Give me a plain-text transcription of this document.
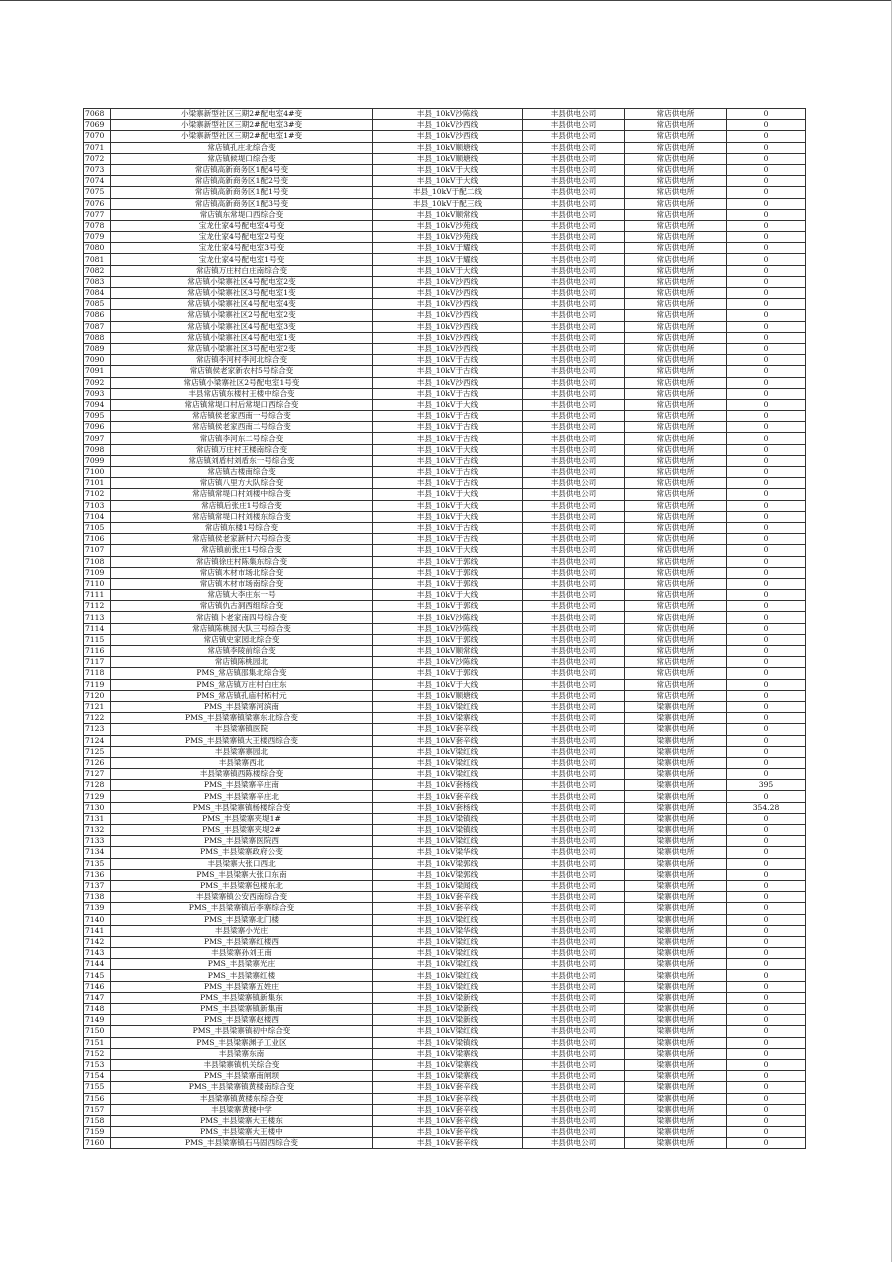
7068	小梁寨新型社区三期2#配电室4#变	丰县_10kV沙陈线	丰县供电公司	常店供电所	0
7069	小梁寨新型社区三期2#配电室3#变	丰县_10kV沙西线	丰县供电公司	常店供电所	0
7070	小梁寨新型社区三期2#配电室1#变	丰县_10kV沙西线	丰县供电公司	常店供电所	0
7071	常店镇孔庄北综合变	丰县_10kV顺塘线	丰县供电公司	常店供电所	0
7072	常店镇候堤口综合变	丰县_10kV顺塘线	丰县供电公司	常店供电所	0
7073	常店镇高新商务区1配4号变	丰县_10kV于大线	丰县供电公司	常店供电所	0
7074	常店镇高新商务区1配2号变	丰县_10kV于大线	丰县供电公司	常店供电所	0
7075	常店镇高新商务区1配1号变	丰县_10kV于配二线	丰县供电公司	常店供电所	0
7076	常店镇高新商务区1配3号变	丰县_10kV于配三线	丰县供电公司	常店供电所	0
7077	常店镇东常堤口西综合变	丰县_10kV顺常线	丰县供电公司	常店供电所	0
7078	宝龙仕家4号配电室4号变	丰县_10kV沙苑线	丰县供电公司	常店供电所	0
7079	宝龙仕家4号配电室2号变	丰县_10kV沙苑线	丰县供电公司	常店供电所	0
7080	宝龙仕家4号配电室3号变	丰县_10kV于耀线	丰县供电公司	常店供电所	0
7081	宝龙仕家4号配电室1号变	丰县_10kV于耀线	丰县供电公司	常店供电所	0
7082	常店镇万庄村白庄南综合变	丰县_10kV于大线	丰县供电公司	常店供电所	0
7083	常店镇小梁寨社区4号配电室2变	丰县_10kV沙西线	丰县供电公司	常店供电所	0
7084	常店镇小梁寨社区3号配电室1变	丰县_10kV沙西线	丰县供电公司	常店供电所	0
7085	常店镇小梁寨社区4号配电室4变	丰县_10kV沙西线	丰县供电公司	常店供电所	0
7086	常店镇小梁寨社区2号配电室2变	丰县_10kV沙西线	丰县供电公司	常店供电所	0
7087	常店镇小梁寨社区4号配电室3变	丰县_10kV沙西线	丰县供电公司	常店供电所	0
7088	常店镇小梁寨社区4号配电室1变	丰县_10kV沙西线	丰县供电公司	常店供电所	0
7089	常店镇小梁寨社区3号配电室2变	丰县_10kV沙西线	丰县供电公司	常店供电所	0
7090	常店镇李河村李河北综合变	丰县_10kV于古线	丰县供电公司	常店供电所	0
7091	常店镇侯老家新农村5号综合变	丰县_10kV于古线	丰县供电公司	常店供电所	0
7092	常店镇小梁寨社区2号配电室1号变	丰县_10kV沙西线	丰县供电公司	常店供电所	0
7093	丰县常店镇东楼村王楼中综合变	丰县_10kV于古线	丰县供电公司	常店供电所	0
7094	常店镇常堤口村后常堤口西综合变	丰县_10kV于大线	丰县供电公司	常店供电所	0
7095	常店镇侯老家西南一号综合变	丰县_10kV于古线	丰县供电公司	常店供电所	0
7096	常店镇侯老家西南二号综合变	丰县_10kV于古线	丰县供电公司	常店供电所	0
7097	常店镇李河东二号综合变	丰县_10kV于古线	丰县供电公司	常店供电所	0
7098	常店镇万庄村王楼南综合变	丰县_10kV于大线	丰县供电公司	常店供电所	0
7099	常店镇刘盾村刘盾东一号综合变	丰县_10kV于古线	丰县供电公司	常店供电所	0
7100	常店镇古楼南综合变	丰县_10kV于古线	丰县供电公司	常店供电所	0
7101	常店镇八里方大队综合变	丰县_10kV于古线	丰县供电公司	常店供电所	0
7102	常店镇常堤口村刘楼中综合变	丰县_10kV于大线	丰县供电公司	常店供电所	0
7103	常店镇后张庄1号综合变	丰县_10kV于大线	丰县供电公司	常店供电所	0
7104	常店镇常堤口村刘楼东综合变	丰县_10kV于大线	丰县供电公司	常店供电所	0
7105	常店镇东楼1号综合变	丰县_10kV于古线	丰县供电公司	常店供电所	0
7106	常店镇侯老家新村六号综合变	丰县_10kV于古线	丰县供电公司	常店供电所	0
7107	常店镇前张庄1号综合变	丰县_10kV于大线	丰县供电公司	常店供电所	0
7108	常店镇徐庄村陈集东综合变	丰县_10kV于郭线	丰县供电公司	常店供电所	0
7109	常店镇木材市场北综合变	丰县_10kV于郭线	丰县供电公司	常店供电所	0
7110	常店镇木材市场南综合变	丰县_10kV于郭线	丰县供电公司	常店供电所	0
7111	常店镇大李庄东一号	丰县_10kV于大线	丰县供电公司	常店供电所	0
7112	常店镇仇古洞西组综合变	丰县_10kV于郭线	丰县供电公司	常店供电所	0
7113	常店镇卜老家南四号综合变	丰县_10kV沙陈线	丰县供电公司	常店供电所	0
7114	常店镇陈桃园大队三号综合变	丰县_10kV沙陈线	丰县供电公司	常店供电所	0
7115	常店镇史家园北综合变	丰县_10kV于郭线	丰县供电公司	常店供电所	0
7116	常店镇李陵前综合变	丰县_10kV顺常线	丰县供电公司	常店供电所	0
7117	常店镇陈桃园北	丰县_10kV沙陈线	丰县供电公司	常店供电所	0
7118	PMS_常店镇邵集北综合变	丰县_10kV于郭线	丰县供电公司	常店供电所	0
7119	PMS_常店镇万庄村白庄东	丰县_10kV于大线	丰县供电公司	常店供电所	0
7120	PMS_常店镇孔庙村柘村元	丰县_10kV顺塘线	丰县供电公司	常店供电所	0
7121	PMS_丰县梁寨河滨南	丰县_10kV梁红线	丰县供电公司	梁寨供电所	0
7122	PMS_丰县梁寨镇梁寨东北综合变	丰县_10kV梁寨线	丰县供电公司	梁寨供电所	0
7123	丰县梁寨镇医院	丰县_10kV套辛线	丰县供电公司	梁寨供电所	0
7124	PMS_丰县梁寨镇大王楼西综合变	丰县_10kV套辛线	丰县供电公司	梁寨供电所	0
7125	丰县梁寨寨园北	丰县_10kV梁红线	丰县供电公司	梁寨供电所	0
7126	丰县梁寨西北	丰县_10kV梁红线	丰县供电公司	梁寨供电所	0
7127	丰县梁寨镇西陈楼综合变	丰县_10kV梁红线	丰县供电公司	梁寨供电所	0
7128	PMS_丰县梁寨辛庄南	丰县_10kV套杨线	丰县供电公司	梁寨供电所	395
7129	PMS_丰县梁寨辛庄北	丰县_10kV套辛线	丰县供电公司	梁寨供电所	0
7130	PMS_丰县梁寨镇杨楼综合变	丰县_10kV套杨线	丰县供电公司	梁寨供电所	354.28
7131	PMS_丰县梁寨夹堤1#	丰县_10kV梁镇线	丰县供电公司	梁寨供电所	0
7132	PMS_丰县梁寨夹堤2#	丰县_10kV梁镇线	丰县供电公司	梁寨供电所	0
7133	PMS_丰县梁寨医院西	丰县_10kV梁红线	丰县供电公司	梁寨供电所	0
7134	PMS_丰县梁寨政府公变	丰县_10kV梁华线	丰县供电公司	梁寨供电所	0
7135	丰县梁寨大张口西北	丰县_10kV梁郭线	丰县供电公司	梁寨供电所	0
7136	PMS_丰县梁寨大张口东南	丰县_10kV梁郭线	丰县供电公司	梁寨供电所	0
7137	PMS_丰县梁寨包楼东北	丰县_10kV梁闻线	丰县供电公司	梁寨供电所	0
7138	丰县梁寨镇公安西南综合变	丰县_10kV套辛线	丰县供电公司	梁寨供电所	0
7139	PMS_丰县梁寨镇后李寨综合变	丰县_10kV套辛线	丰县供电公司	梁寨供电所	0
7140	PMS_丰县梁寨北门楼	丰县_10kV梁红线	丰县供电公司	梁寨供电所	0
7141	丰县梁寨小光庄	丰县_10kV梁华线	丰县供电公司	梁寨供电所	0
7142	PMS_丰县梁寨红楼西	丰县_10kV梁红线	丰县供电公司	梁寨供电所	0
7143	丰县梁寨孙刘王南	丰县_10kV梁红线	丰县供电公司	梁寨供电所	0
7144	PMS_丰县梁寨光庄	丰县_10kV梁红线	丰县供电公司	梁寨供电所	0
7145	PMS_丰县梁寨红楼	丰县_10kV梁红线	丰县供电公司	梁寨供电所	0
7146	PMS_丰县梁寨五姓庄	丰县_10kV梁红线	丰县供电公司	梁寨供电所	0
7147	PMS_丰县梁寨镇新集东	丰县_10kV梁新线	丰县供电公司	梁寨供电所	0
7148	PMS_丰县梁寨镇新集南	丰县_10kV梁新线	丰县供电公司	梁寨供电所	0
7149	PMS_丰县梁寨赵楼西	丰县_10kV梁新线	丰县供电公司	梁寨供电所	0
7150	PMS_丰县梁寨镇初中综合变	丰县_10kV梁红线	丰县供电公司	梁寨供电所	0
7151	PMS_丰县梁寨渊子工业区	丰县_10kV梁镇线	丰县供电公司	梁寨供电所	0
7152	丰县梁寨东南	丰县_10kV梁寨线	丰县供电公司	梁寨供电所	0
7153	丰县梁寨镇机关综合变	丰县_10kV梁寨线	丰县供电公司	梁寨供电所	0
7154	PMS_丰县梁寨南闸坝	丰县_10kV梁寨线	丰县供电公司	梁寨供电所	0
7155	PMS_丰县梁寨镇黄楼南综合变	丰县_10kV套辛线	丰县供电公司	梁寨供电所	0
7156	丰县梁寨镇黄楼东综合变	丰县_10kV套辛线	丰县供电公司	梁寨供电所	0
7157	丰县梁寨黄楼中学	丰县_10kV套辛线	丰县供电公司	梁寨供电所	0
7158	PMS_丰县梁寨大王楼东	丰县_10kV套辛线	丰县供电公司	梁寨供电所	0
7159	PMS_丰县梁寨大王楼中	丰县_10kV套辛线	丰县供电公司	梁寨供电所	0
7160	PMS_丰县梁寨镇石马固西综合变	丰县_10kV套辛线	丰县供电公司	梁寨供电所	0
